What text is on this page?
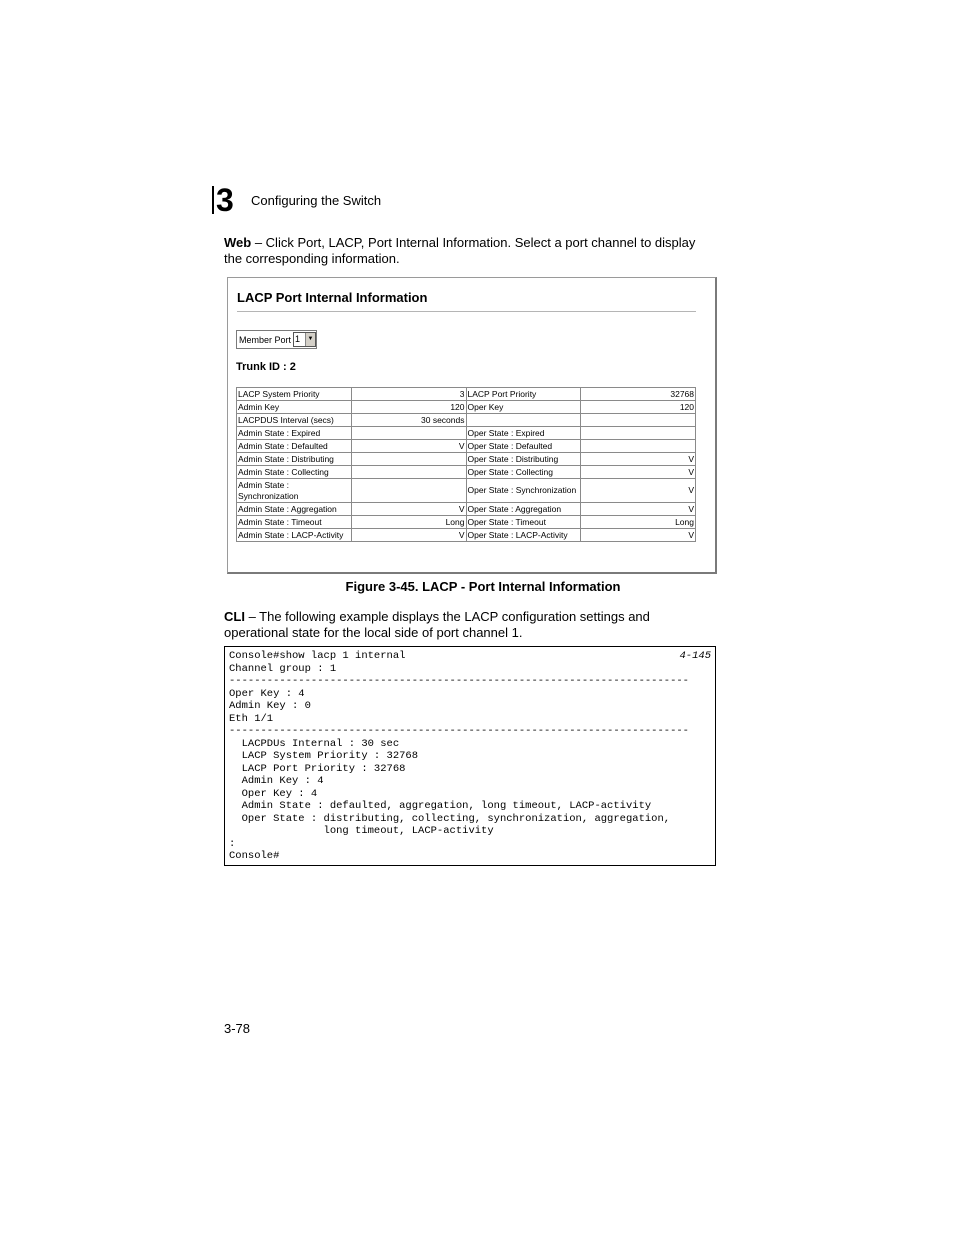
3	Configuring the Switch
Web – Click Port, LACP, Port Internal Information. Select a port channel to display the corresponding information.
LACP Port Internal Information
Member Port 1	▼
Trunk ID : 2
LACP System Priority	3	LACP Port Priority	32768
Admin Key	120	Oper Key	120
LACPDUS Interval (secs)	30 seconds		
Admin State : Expired		Oper State : Expired	
Admin State : Defaulted	V	Oper State : Defaulted	
Admin State : Distributing		Oper State : Distributing	V
Admin State : Collecting		Oper State : Collecting	V
Admin State : Synchronization		Oper State : Synchronization	V
Admin State : Aggregation	V	Oper State : Aggregation	V
Admin State : Timeout	Long	Oper State : Timeout	Long
Admin State : LACP-Activity	V	Oper State : LACP-Activity	V
Figure 3-45. LACP - Port Internal Information
CLI – The following example displays the LACP configuration settings and operational state for the local side of port channel 1.
Console#show lacp 1 internal
Channel group : 1
-------------------------------------------------------------------------
Oper Key : 4
Admin Key : 0
Eth 1/1
-------------------------------------------------------------------------
LACPDUs Internal : 30 sec
LACP System Priority : 32768
LACP Port Priority : 32768
Admin Key : 4
Oper Key : 4
Admin State : defaulted, aggregation, long timeout, LACP-activity
Oper State : distributing, collecting, synchronization, aggregation,
long timeout, LACP-activity
:
Console#
4-145
3-78
